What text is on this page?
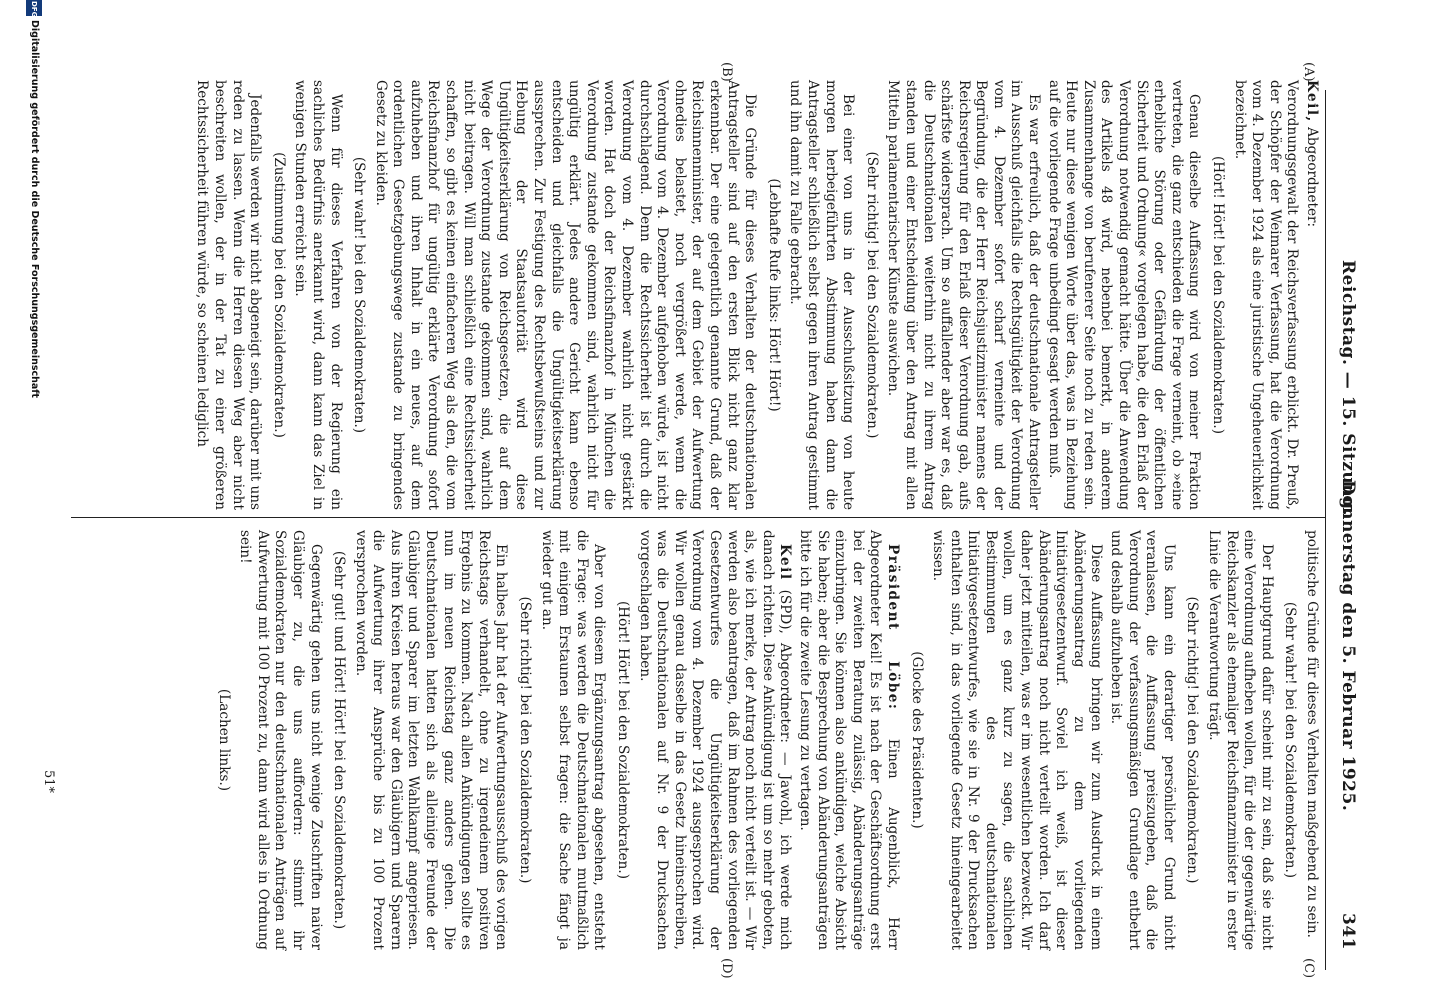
Reichstag. — 15. Sitzung.
Donnerstag den 5. Februar 1925.
341
(A)
(B)
(C)
(D)

Keil, Abgeordneter:

Verordnungsgewalt der Reichsverfassung erblickt. Dr. Preuß, der Schöpfer der Weimarer Verfassung, hat die Verordnung vom 4. Dezember 1924 als eine juristische Ungeheuerlichkeit bezeichnet.

(Hört! Hört! bei den Sozialdemokraten.)

Genau dieselbe Auffassung wird von meiner Fraktion vertreten, die ganz entschieden die Frage verneint, ob »eine erhebliche Störung oder Gefährdung der öffentlichen Sicherheit und Ordnung« vorgelegen habe, die den Erlaß der Verordnung notwendig gemacht hätte. Über die Anwendung des Artikels 48 wird, nebenbei bemerkt, in anderem Zusammenhange von berufenerer Seite noch zu reden sein. Heute nur diese wenigen Worte über das, was in Beziehung auf die vorliegende Frage unbedingt gesagt werden muß.

Es war erfreulich, daß der deutschnationale Antragsteller im Ausschuß gleichfalls die Rechtsgültigkeit der Verordnung vom 4. Dezember sofort scharf verneinte und der Begründung, die der Herr Reichsjustizminister namens der Reichsregierung für den Erlaß dieser Verordnung gab, aufs schärfste widersprach. Um so auffallender aber war es, daß die Deutschnationalen weiterhin nicht zu ihrem Antrag standen und einer Entscheidung über den Antrag mit allen Mitteln parlamentarischer Künste auswichen.

(Sehr richtig! bei den Sozialdemokraten.)

Bei einer von uns in der Ausschußsitzung von heute morgen herbeigeführten Abstimmung haben dann die Antragsteller schließlich selbst gegen ihren Antrag gestimmt und ihn damit zu Falle gebracht.

(Lebhafte Rufe links: Hört! Hört!)

Die Gründe für dieses Verhalten der deutschnationalen Antragsteller sind auf den ersten Blick nicht ganz klar erkennbar. Der eine gelegentlich genannte Grund, daß der Reichsinnenminister, der auf dem Gebiet der Aufwertung ohnedies belastet, noch vergrößert werde, wenn die Verordnung vom 4. Dezember aufgehoben würde, ist nicht durchschlagend. Denn die Rechtssicherheit ist durch die Verordnung vom 4. Dezember wahrlich nicht gestärkt worden. Hat doch der Reichsfinanzhof in München die Verordnung zustande gekommen sind, wahrlich nicht für ungültig erklärt. Jedes andere Gericht kann ebenso entscheiden und gleichfalls die Ungültigkeitserklärung aussprechen. Zur Festigung des Rechtsbewußtseins und zur Hebung der Staatsautorität wird diese Ungültigkeitserklärung von Reichsgesetzen, die auf dem Wege der Verordnung zustande gekommen sind, wahrlich nicht beitragen. Will man schließlich eine Rechtssicherheit schaffen, so gibt es keinen einfacheren Weg als den, die vom Reichsfinanzhof für ungültig erklärte Verordnung sofort aufzuheben und ihren Inhalt in ein neues, auf dem ordentlichen Gesetzgebungswege zustande zu bringendes Gesetz zu kleiden.

(Sehr wahr! bei den Sozialdemokraten.)

Wenn für dieses Verfahren von der Regierung ein sachliches Bedürfnis anerkannt wird, dann kann das Ziel in wenigen Stunden erreicht sein.

(Zustimmung bei den Sozialdemokraten.)

Jedenfalls werden wir nicht abgeneigt sein, darüber mit uns reden zu lassen. Wenn die Herren diesen Weg aber nicht beschreiten wollen, der in der Tat zu einer größeren Rechtssicherheit führen würde, so scheinen lediglich

politische Gründe für dieses Verhalten maßgebend zu sein.

(Sehr wahr! bei den Sozialdemokraten.)

Der Hauptgrund dafür scheint mir zu sein, daß sie nicht eine Verordnung aufheben wollen, für die der gegenwärtige Reichskanzler als ehemaliger Reichsfinanzminister in erster Linie die Verantwortung trägt.

(Sehr richtig! bei den Sozialdemokraten.)

Uns kann ein derartiger persönlicher Grund nicht veranlassen, die Auffassung preiszugeben, daß die Verordnung der verfassungsmäßigen Grundlage entbehrt und deshalb aufzuheben ist.

Diese Auffassung bringen wir zum Ausdruck in einem Abänderungsantrag zu dem vorliegenden Initiativgesetzentwurf. Soviel ich weiß, ist dieser Abänderungsantrag noch nicht verteilt worden. Ich darf daher jetzt mitteilen, was er im wesentlichen bezweckt. Wir wollen, um es ganz kurz zu sagen, die sachlichen Bestimmungen des deutschnationalen Initiativgesetzentwurfes, wie sie in Nr. 9 der Drucksachen enthalten sind, in das vorliegende Gesetz hineingearbeitet wissen.

(Glocke des Präsidenten.)

Präsident Löbe: Einen Augenblick, Herr Abgeordneter Keil! Es ist nach der Geschäftsordnung erst bei der zweiten Beratung zulässig, Abänderungsanträge einzubringen. Sie können also ankündigen, welche Absicht Sie haben; aber die Besprechung von Abänderungsanträgen bitte ich für die zweite Lesung zu vertagen.

Keil (SPD), Abgeordneter: — Jawohl, ich werde mich danach richten. Diese Ankündigung ist um so mehr geboten, als, wie ich merke, der Antrag noch nicht verteilt ist. — Wir werden also beantragen, daß im Rahmen des vorliegenden Gesetzentwurfes die Ungültigkeitserklärung der Verordnung vom 4. Dezember 1924 ausgesprochen wird. Wir wollen genau dasselbe in das Gesetz hineinschreiben, was die Deutschnationalen auf Nr. 9 der Drucksachen vorgeschlagen haben.

(Hört! Hört! bei den Sozialdemokraten.)

Aber von diesem Ergänzungsantrag abgesehen, entsteht die Frage: was werden die Deutschnationalen mutmaßlich mit einigem Erstaunen selbst fragen: die Sache fängt ja wieder gut an.

(Sehr richtig! bei den Sozialdemokraten.)

Ein halbes Jahr hat der Aufwertungsausschuß des vorigen Reichstags verhandelt, ohne zu irgendeinem positiven Ergebnis zu kommen. Nach allen Ankündigungen sollte es nun im neuen Reichstag ganz anders gehen. Die Deutschnationalen hatten sich als alleinige Freunde der Gläubiger und Sparer im letzten Wahlkampf angepriesen. Aus ihren Kreisen heraus war den Gläubigern und Sparern die Aufwertung ihrer Ansprüche bis zu 100 Prozent versprochen worden.

(Sehr gut! und Hört! Hört! bei den Sozialdemokraten.)

Gegenwärtig gehen uns nicht wenige Zuschriften naiver Gläubiger zu, die uns auffordern: stimmt ihr Sozialdemokraten nur den deutschnationalen Anträgen auf Aufwertung mit 100 Prozent zu, dann wird alles in Ordnung sein!

(Lachen links.)

51*
DFG
Digitalisierung gefördert durch die Deutsche Forschungsgemeinschaft
